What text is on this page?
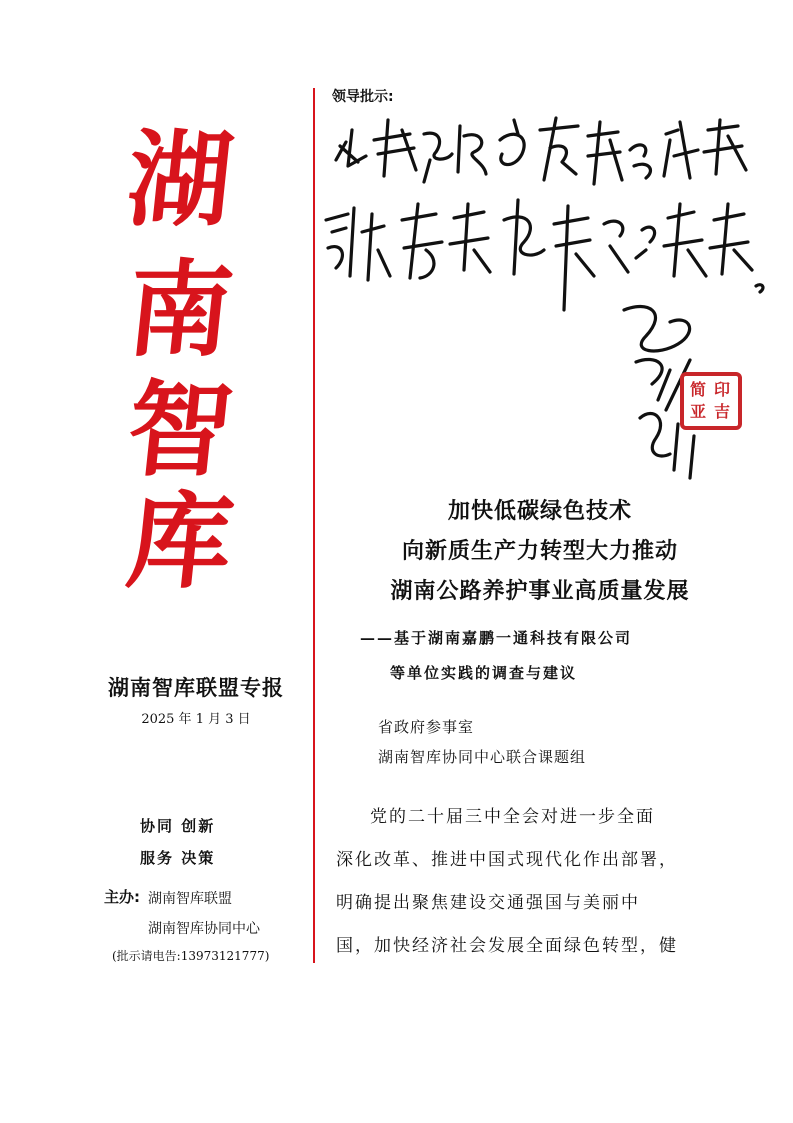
湖
南
智
库
湖南智库联盟专报
2025 年 1 月 3 日
协同 创新
服务 决策
主办: 湖南智库联盟
湖南智库协同中心
(批示请电告:13973121777)
领导批示:
简 印
亚 吉
加快低碳绿色技术
向新质生产力转型大力推动
湖南公路养护事业高质量发展
——基于湖南嘉鹏一通科技有限公司
等单位实践的调查与建议
省政府参事室
湖南智库协同中心联合课题组

党的二十届三中全会对进一步全面

深化改革、推进中国式现代化作出部署，

明确提出聚焦建设交通强国与美丽中

国，加快经济社会发展全面绿色转型，健
